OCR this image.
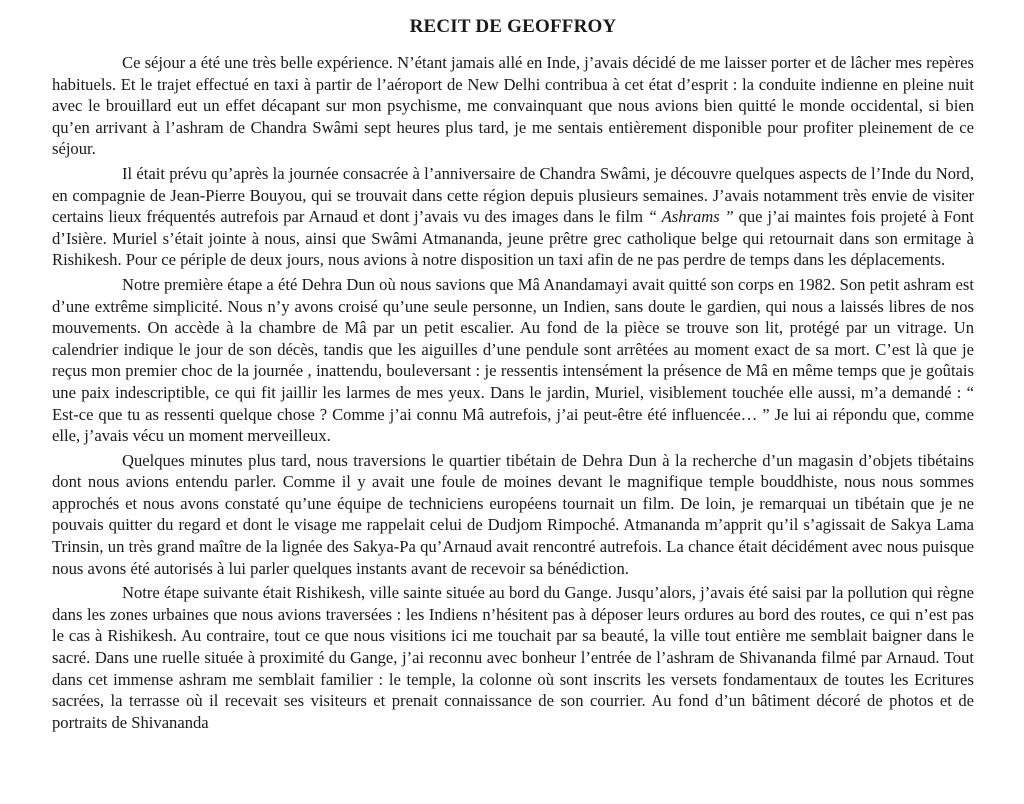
RECIT DE GEOFFROY

Ce séjour a été une très belle expérience. N’étant jamais allé en Inde, j’avais décidé de me laisser porter et de lâcher mes repères habituels. Et le trajet effectué en taxi à partir de l’aéroport de New Delhi contribua à cet état d’esprit : la conduite indienne en pleine nuit avec le brouillard eut un effet décapant sur mon psychisme, me convainquant que nous avions bien quitté le monde occidental, si bien qu’en arrivant à l’ashram de Chandra Swâmi sept heures plus tard, je me sentais entièrement disponible pour profiter pleinement de ce séjour.

Il était prévu qu’après la journée consacrée à l’anniversaire de Chandra Swâmi, je découvre quelques aspects de l’Inde du Nord, en compagnie de Jean-Pierre Bouyou, qui se trouvait dans cette région depuis plusieurs semaines. J’avais notamment très envie de visiter certains lieux fréquentés autrefois par Arnaud et dont j’avais vu des images dans le film “ Ashrams ” que j’ai maintes fois projeté à Font d’Isière. Muriel s’était jointe à nous, ainsi que Swâmi Atmananda, jeune prêtre grec catholique belge qui retournait dans son ermitage à Rishikesh. Pour ce périple de deux jours, nous avions à notre disposition un taxi afin de ne pas perdre de temps dans les déplacements.

Notre première étape a été Dehra Dun où nous savions que Mâ Anandamayi avait quitté son corps en 1982. Son petit ashram est d’une extrême simplicité. Nous n’y avons croisé qu’une seule personne, un Indien, sans doute le gardien, qui nous a laissés libres de nos mouvements. On accède à la chambre de Mâ par un petit escalier. Au fond de la pièce se trouve son lit, protégé par un vitrage. Un calendrier indique le jour de son décès, tandis que les aiguilles d’une pendule sont arrêtées au moment exact de sa mort. C’est là que je reçus mon premier choc de la journée , inattendu, bouleversant : je ressentis intensément la présence de Mâ en même temps que je goûtais une paix indescriptible, ce qui fit jaillir les larmes de mes yeux. Dans le jardin, Muriel, visiblement touchée elle aussi, m’a demandé : “ Est-ce que tu as ressenti quelque chose ? Comme j’ai connu Mâ autrefois, j’ai peut-être été influencée… ” Je lui ai répondu que, comme elle, j’avais vécu un moment merveilleux.

Quelques minutes plus tard, nous traversions le quartier tibétain de Dehra Dun à la recherche d’un magasin d’objets tibétains dont nous avions entendu parler. Comme il y avait une foule de moines devant le magnifique temple bouddhiste, nous nous sommes approchés et nous avons constaté qu’une équipe de techniciens européens tournait un film. De loin, je remarquai un tibétain que je ne pouvais quitter du regard et dont le visage me rappelait celui de Dudjom Rimpoché. Atmananda m’apprit qu’il s’agissait de Sakya Lama Trinsin, un très grand maître de la lignée des Sakya-Pa qu’Arnaud avait rencontré autrefois. La chance était décidément avec nous puisque nous avons été autorisés à lui parler quelques instants avant de recevoir sa bénédiction.

Notre étape suivante était Rishikesh, ville sainte située au bord du Gange. Jusqu’alors, j’avais été saisi par la pollution qui règne dans les zones urbaines que nous avions traversées : les Indiens n’hésitent pas à déposer leurs ordures au bord des routes, ce qui n’est pas le cas à Rishikesh. Au contraire, tout ce que nous visitions ici me touchait par sa beauté, la ville tout entière me semblait baigner dans le sacré. Dans une ruelle située à proximité du Gange, j’ai reconnu avec bonheur l’entrée de l’ashram de Shivananda filmé par Arnaud. Tout dans cet immense ashram me semblait familier : le temple, la colonne où sont inscrits les versets fondamentaux de toutes les Ecritures sacrées, la terrasse où il recevait ses visiteurs et prenait connaissance de son courrier. Au fond d’un bâtiment décoré de photos et de portraits de Shivananda
